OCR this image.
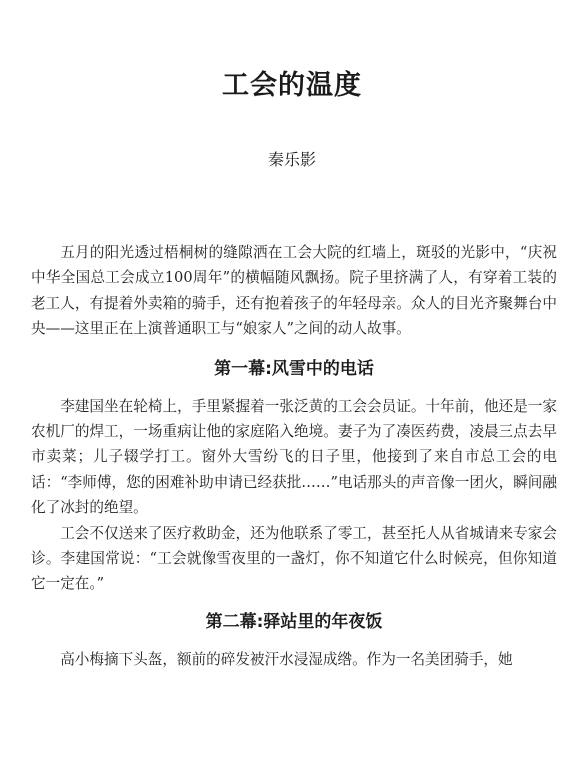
工会的温度

秦乐影

五月的阳光透过梧桐树的缝隙洒在工会大院的红墙上，斑驳的光影中，“庆祝中华全国总工会成立100周年”的横幅随风飘扬。院子里挤满了人，有穿着工装的老工人，有提着外卖箱的骑手，还有抱着孩子的年轻母亲。众人的目光齐聚舞台中央——这里正在上演普通职工与“娘家人”之间的动人故事。

第一幕:风雪中的电话

李建国坐在轮椅上，手里紧握着一张泛黄的工会会员证。十年前，他还是一家农机厂的焊工，一场重病让他的家庭陷入绝境。妻子为了凑医药费，凌晨三点去早市卖菜；儿子辍学打工。窗外大雪纷飞的日子里，他接到了来自市总工会的电话：“李师傅，您的困难补助申请已经获批……”电话那头的声音像一团火，瞬间融化了冰封的绝望。

工会不仅送来了医疗救助金，还为他联系了零工，甚至托人从省城请来专家会诊。李建国常说：“工会就像雪夜里的一盏灯，你不知道它什么时候亮，但你知道它一定在。”

第二幕:驿站里的年夜饭

高小梅摘下头盔，额前的碎发被汗水浸湿成绺。作为一名美团骑手，她
